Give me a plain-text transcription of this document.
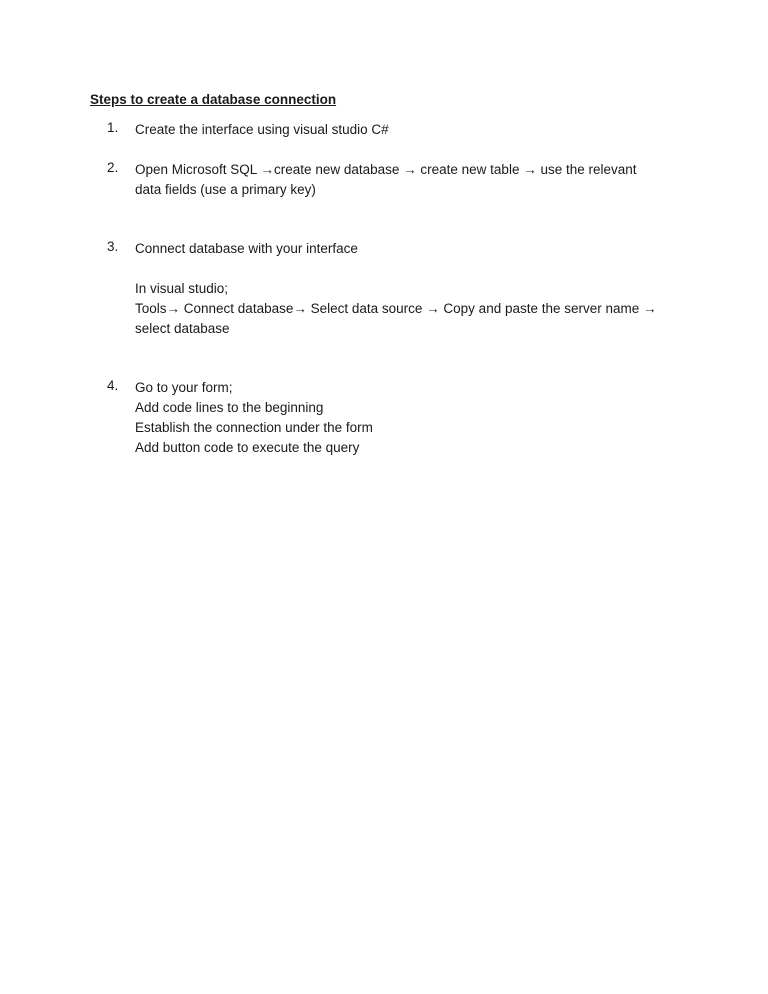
Steps to create a database connection
1.	Create the interface using visual studio C#
2.	Open Microsoft SQL →create new database → create new table → use the relevant
data fields (use a primary key)
3.	Connect database with your interface
In visual studio;
Tools→ Connect database→ Select data source → Copy and paste the server name →
select database
4.	Go to your form;
Add code lines to the beginning
Establish the connection under the form
Add button code to execute the query
